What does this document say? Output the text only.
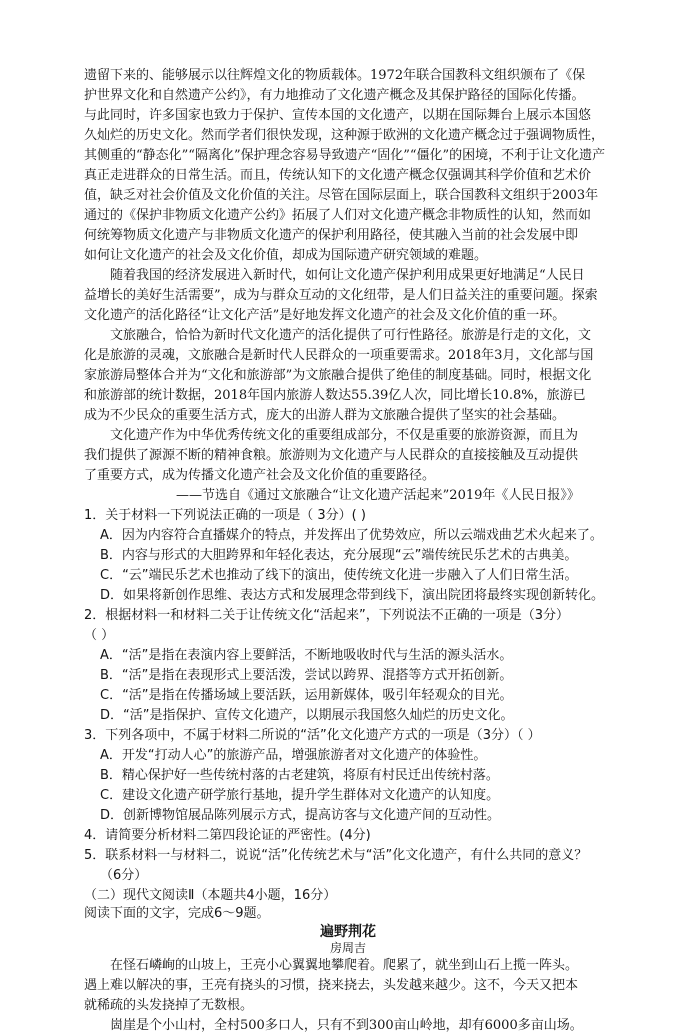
遗留下来的、能够展示以往辉煌文化的物质载体。1972年联合国教科文组织颁布了《保
护世界文化和自然遗产公约》，有力地推动了文化遗产概念及其保护路径的国际化传播。
与此同时，许多国家也致力于保护、宣传本国的文化遗产，以期在国际舞台上展示本国悠
久灿烂的历史文化。然而学者们很快发现，这种源于欧洲的文化遗产概念过于强调物质性，
其侧重的“静态化”“隔离化”保护理念容易导致遗产“固化”“僵化”的困境，不利于让文化遗产
真正走进群众的日常生活。而且，传统认知下的文化遗产概念仅强调其科学价值和艺术价
值，缺乏对社会价值及文化价值的关注。尽管在国际层面上，联合国教科文组织于2003年
通过的《保护非物质文化遗产公约》拓展了人们对文化遗产概念非物质性的认知，然而如
何统筹物质文化遗产与非物质文化遗产的保护利用路径，使其融入当前的社会发展中即
如何让文化遗产的社会及文化价值，却成为国际遗产研究领域的难题。
随着我国的经济发展进入新时代，如何让文化遗产保护利用成果更好地满足“人民日
益增长的美好生活需要”，成为与群众互动的文化纽带，是人们日益关注的重要问题。探索
文化遗产的活化路径“让文化产活”是好地发挥文化遗产的社会及文化价值的重一环。
文旅融合，恰恰为新时代文化遗产的活化提供了可行性路径。旅游是行走的文化，文
化是旅游的灵魂，文旅融合是新时代人民群众的一项重要需求。2018年3月，文化部与国
家旅游局整体合并为“文化和旅游部”为文旅融合提供了绝佳的制度基础。同时，根据文化
和旅游部的统计数据，2018年国内旅游人数达55.39亿人次，同比增长10.8%，旅游已
成为不少民众的重要生活方式，庞大的出游人群为文旅融合提供了坚实的社会基础。
文化遗产作为中华优秀传统文化的重要组成部分，不仅是重要的旅游资源，而且为
我们提供了源源不断的精神食粮。旅游则为文化遗产与人民群众的直接接触及互动提供
了重要方式，成为传播文化遗产社会及文化价值的重要路径。
——节选自《通过文旅融合“让文化遗产活起来”2019年《人民日报》》
1．关于材料一下列说法正确的一项是（ 3分）( )
A．因为内容符合直播媒介的特点，并发挥出了优势效应，所以云端戏曲艺术火起来了。
B．内容与形式的大胆跨界和年轻化表达，充分展现“云”端传统民乐艺术的古典美。
C．“云”端民乐艺术也推动了线下的演出，使传统文化进一步融入了人们日常生活。
D．如果将新创作思维、表达方式和发展理念带到线下，演出院团将最终实现创新转化。
2．根据材料一和材料二关于让传统文化“活起来”，下列说法不正确的一项是（3分）
（ ）
A．“活”是指在表演内容上要鲜活，不断地吸收时代与生活的源头活水。
B．“活”是指在表现形式上要活泼，尝试以跨界、混搭等方式开拓创新。
C．“活”是指在传播场域上要活跃，运用新媒体，吸引年轻观众的目光。
D．“活”是指保护、宣传文化遗产，以期展示我国悠久灿烂的历史文化。
3．下列各项中，不属于材料二所说的“活”化文化遗产方式的一项是（3分）（ ）
A．开发“打动人心”的旅游产品，增强旅游者对文化遗产的体验性。
B．精心保护好一些传统村落的古老建筑，将原有村民迁出传统村落。
C．建设文化遗产研学旅行基地，提升学生群体对文化遗产的认知度。
D．创新博物馆展品陈列展示方式，提高访客与文化遗产间的互动性。
4．请简要分析材料二第四段论证的严密性。(4分)
5．联系材料一与材料二，说说“活”化传统艺术与“活”化文化遗产，有什么共同的意义？
（6分）
（二）现代文阅读Ⅱ（本题共4小题，16分）
阅读下面的文字，完成6～9题。
遍野荆花
房周吉
在怪石嶙峋的山坡上，王亮小心翼翼地攀爬着。爬累了，就坐到山石上揽一阵头。
遇上难以解决的事，王亮有挠头的习惯，挠来挠去，头发越来越少。这不，今天又把本
就稀疏的头发挠掉了无数根。
崮崖是个小山村，全村500多口人，只有不到300亩山岭地，却有6000多亩山场。
